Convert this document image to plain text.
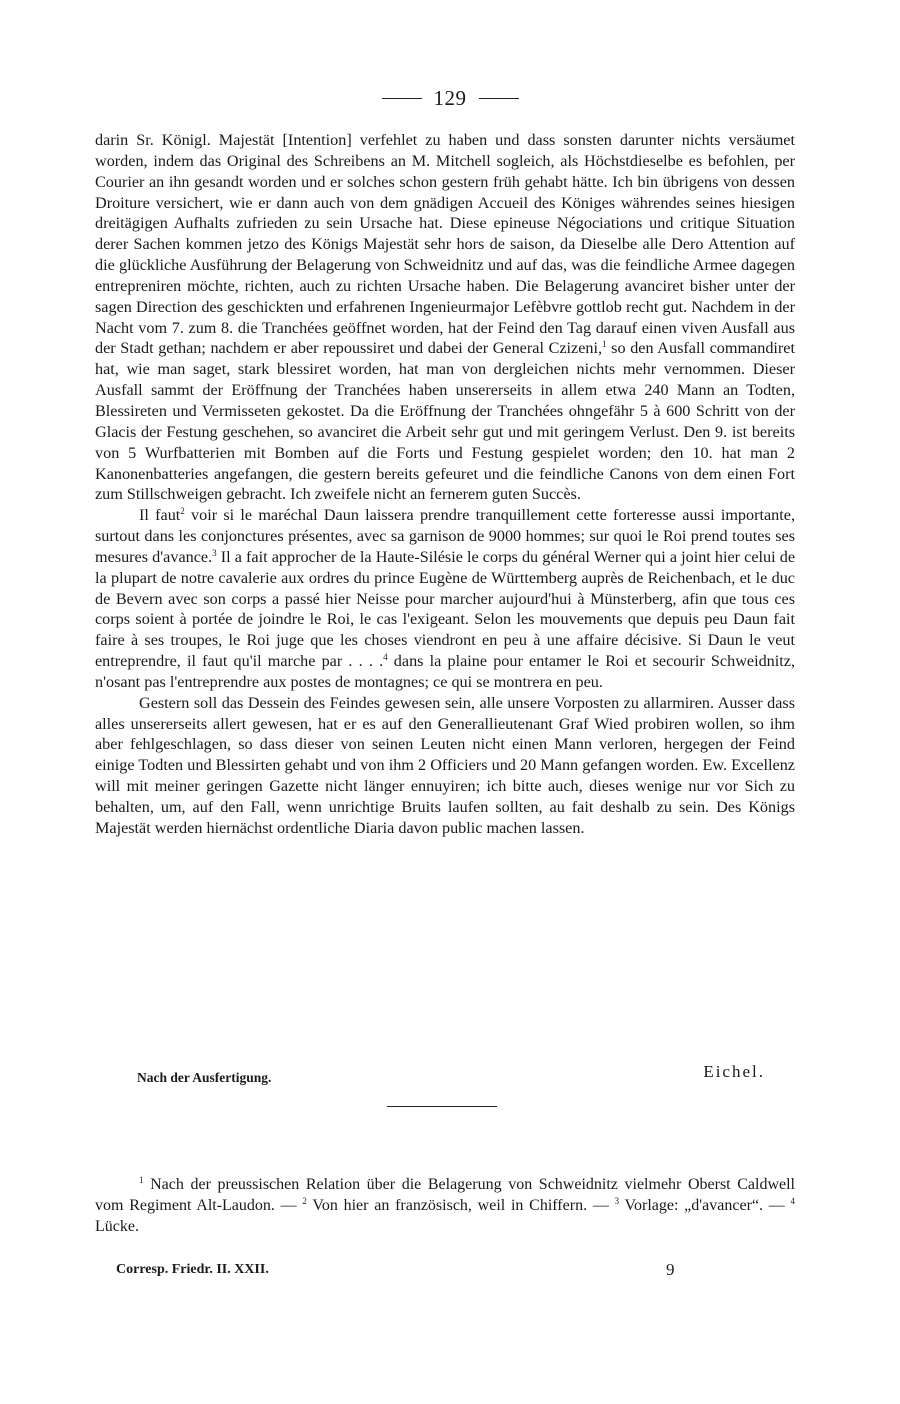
129

darin Sr. Königl. Majestät [Intention] verfehlet zu haben und dass sonsten darunter nichts versäumet worden, indem das Original des Schreibens an M. Mitchell sogleich, als Höchstdieselbe es befohlen, per Courier an ihn gesandt worden und er solches schon gestern früh gehabt hätte. Ich bin übrigens von dessen Droiture versichert, wie er dann auch von dem gnädigen Accueil des Königes währendes seines hiesigen dreitägigen Aufhalts zufrieden zu sein Ursache hat. Diese epineuse Négociations und critique Situation derer Sachen kommen jetzo des Königs Majestät sehr hors de saison, da Dieselbe alle Dero Attention auf die glückliche Ausführung der Belagerung von Schweidnitz und auf das, was die feindliche Armee dagegen entrepreniren möchte, richten, auch zu richten Ursache haben. Die Belagerung avanciret bisher unter der sagen Direction des geschickten und erfahrenen Ingenieurmajor Lefèbvre gottlob recht gut. Nachdem in der Nacht vom 7. zum 8. die Tranchées geöffnet worden, hat der Feind den Tag darauf einen viven Ausfall aus der Stadt gethan; nachdem er aber repoussiret und dabei der General Czizeni,$^1$ so den Ausfall commandiret hat, wie man saget, stark blessiret worden, hat man von dergleichen nichts mehr vernommen. Dieser Ausfall sammt der Eröffnung der Tranchées haben unsererseits in allem etwa 240 Mann an Todten, Blessireten und Vermisseten gekostet. Da die Eröffnung der Tranchées ohngefähr 5 à 600 Schritt von der Glacis der Festung geschehen, so avanciret die Arbeit sehr gut und mit geringem Verlust. Den 9. ist bereits von 5 Wurfbatterien mit Bomben auf die Forts und Festung gespielet worden; den 10. hat man 2 Kanonenbatteries angefangen, die gestern bereits gefeuret und die feindliche Canons von dem einen Fort zum Stillschweigen gebracht. Ich zweifele nicht an fernerem guten Succès.

Il faut$^2$ voir si le maréchal Daun laissera prendre tranquillement cette forteresse aussi importante, surtout dans les conjonctures présentes, avec sa garnison de 9000 hommes; sur quoi le Roi prend toutes ses mesures d'avance.$^3$ Il a fait approcher de la Haute-Silésie le corps du général Werner qui a joint hier celui de la plupart de notre cavalerie aux ordres du prince Eugène de Württemberg auprès de Reichenbach, et le duc de Bevern avec son corps a passé hier Neisse pour marcher aujourd'hui à Münsterberg, afin que tous ces corps soient à portée de joindre le Roi, le cas l'exigeant. Selon les mouvements que depuis peu Daun fait faire à ses troupes, le Roi juge que les choses viendront en peu à une affaire décisive. Si Daun le veut entreprendre, il faut qu'il marche par . . . .$^4$ dans la plaine pour entamer le Roi et secourir Schweidnitz, n'osant pas l'entreprendre aux postes de montagnes; ce qui se montrera en peu.

Gestern soll das Dessein des Feindes gewesen sein, alle unsere Vorposten zu allarmiren. Ausser dass alles unsererseits allert gewesen, hat er es auf den Generallieutenant Graf Wied probiren wollen, so ihm aber fehlgeschlagen, so dass dieser von seinen Leuten nicht einen Mann verloren, hergegen der Feind einige Todten und Blessirten gehabt und von ihm 2 Officiers und 20 Mann gefangen worden. Ew. Excellenz will mit meiner geringen Gazette nicht länger ennuyiren; ich bitte auch, dieses wenige nur vor Sich zu behalten, um, auf den Fall, wenn unrichtige Bruits laufen sollten, au fait deshalb zu sein. Des Königs Majestät werden hiernächst ordentliche Diaria davon public machen lassen.

Nach der Ausfertigung.	Eichel.
$^1$ Nach der preussischen Relation über die Belagerung von Schweidnitz vielmehr Oberst Caldwell vom Regiment Alt-Laudon. — $^2$ Von hier an französisch, weil in Chiffern. — $^3$ Vorlage: „d'avancer“. — $^4$ Lücke.
Corresp. Friedr. II. XXII.	9
